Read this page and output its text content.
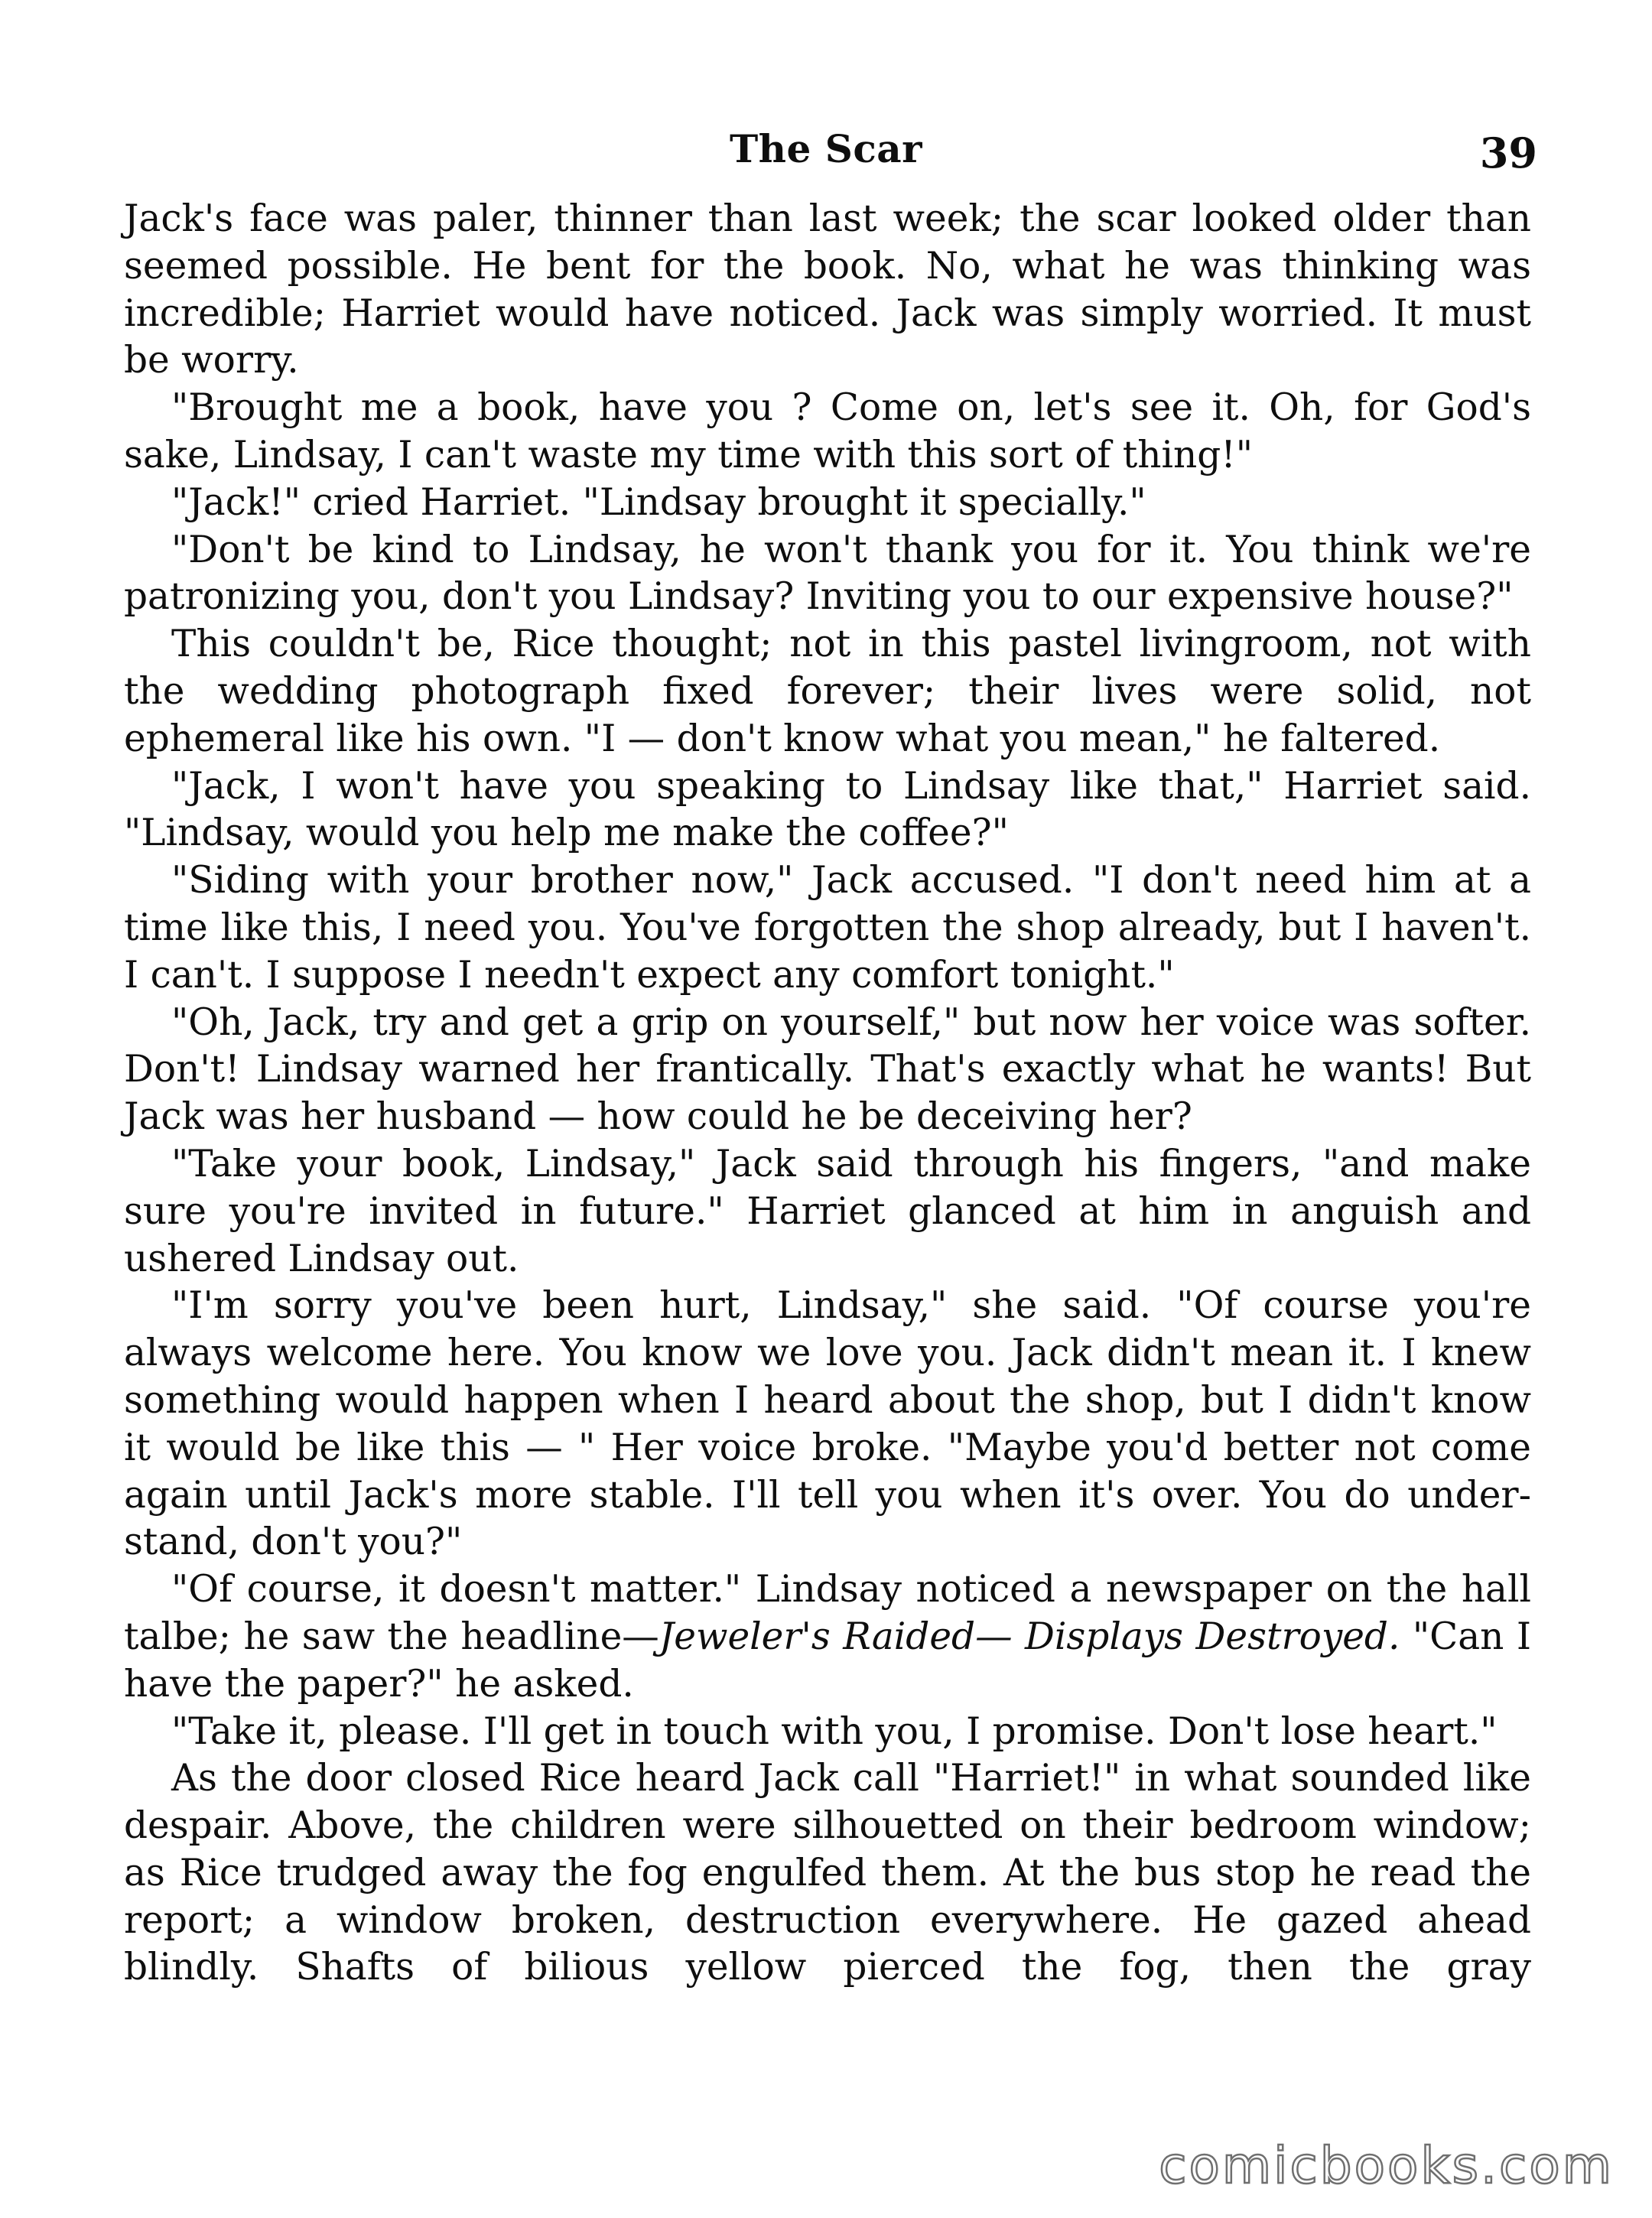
The Scar	39

Jack's face was paler, thinner than last week; the scar looked older than seemed possible. He bent for the book. No, what he was thinking was incredible; Harriet would have noticed. Jack was simply worried. It must be worry.

"Brought me a book, have you ? Come on, let's see it. Oh, for God's sake, Lindsay, I can't waste my time with this sort of thing!"

"Jack!" cried Harriet. "Lindsay brought it specially."

"Don't be kind to Lindsay, he won't thank you for it. You think we're patronizing you, don't you Lindsay? Inviting you to our expensive house?"

This couldn't be, Rice thought; not in this pastel livingroom, not with the wedding photograph fixed forever; their lives were solid, not ephemeral like his own. "I — don't know what you mean," he faltered.

"Jack, I won't have you speaking to Lindsay like that," Harriet said. "Lindsay, would you help me make the coffee?"

"Siding with your brother now," Jack accused. "I don't need him at a time like this, I need you. You've forgotten the shop already, but I haven't. I can't. I suppose I needn't expect any comfort tonight."

"Oh, Jack, try and get a grip on yourself," but now her voice was softer. Don't! Lindsay warned her frantically. That's exactly what he wants! But Jack was her husband — how could he be deceiving her?

"Take your book, Lindsay," Jack said through his fingers, "and make sure you're invited in future." Harriet glanced at him in anguish and ushered Lindsay out.

"I'm sorry you've been hurt, Lindsay," she said. "Of course you're always welcome here. You know we love you. Jack didn't mean it. I knew something would happen when I heard about the shop, but I didn't know it would be like this — " Her voice broke. "Maybe you'd better not come again until Jack's more stable. I'll tell you when it's over. You do understand, don't you?"

"Of course, it doesn't matter." Lindsay noticed a newspaper on the hall talbe; he saw the headline—Jeweler's Raided— Displays Destroyed. "Can I have the paper?" he asked.

"Take it, please. I'll get in touch with you, I promise. Don't lose heart."

As the door closed Rice heard Jack call "Harriet!" in what sounded like despair. Above, the children were silhouetted on their bedroom window; as Rice trudged away the fog engulfed them. At the bus stop he read the report; a window broken, destruction everywhere. He gazed ahead blindly. Shafts of bilious yellow pierced the fog, then the gray

comicbooks.com
